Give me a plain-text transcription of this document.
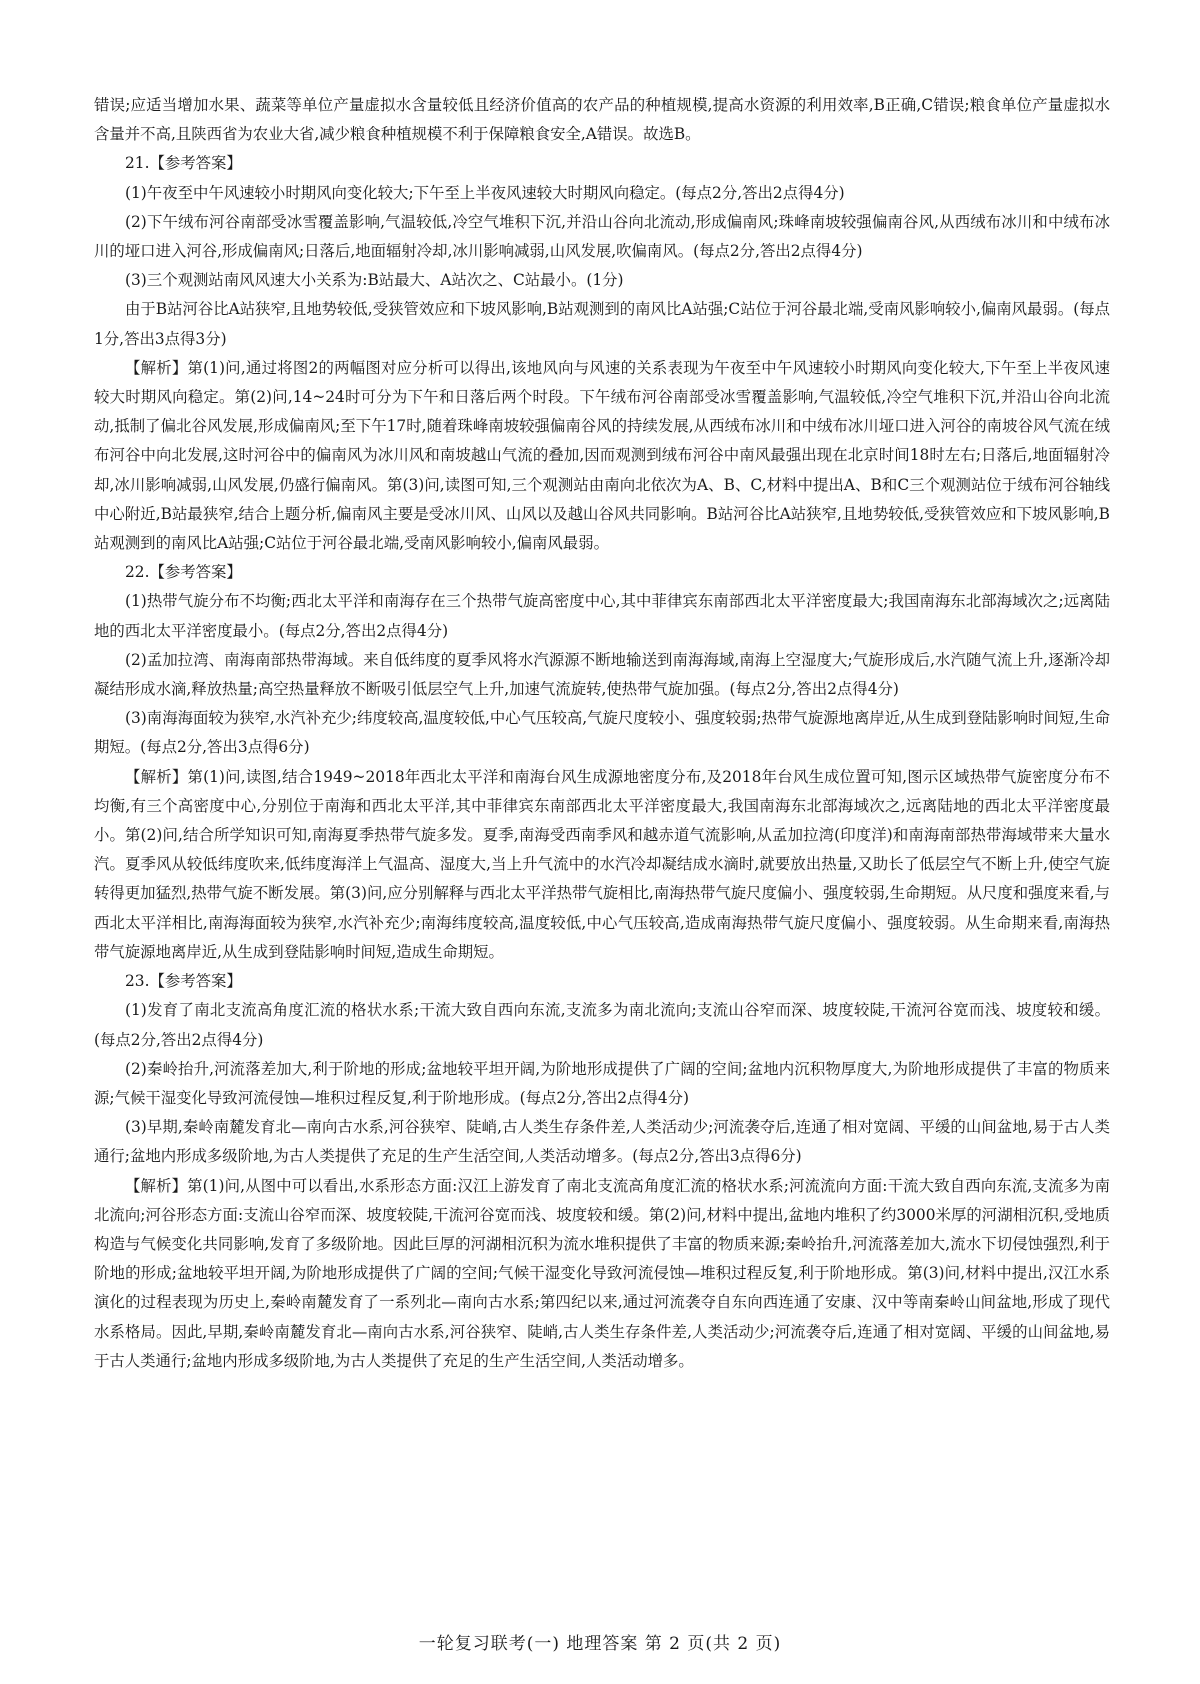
错误;应适当增加水果、蔬菜等单位产量虚拟水含量较低且经济价值高的农产品的种植规模,提高水资源的利用效率,B正确,C错误;粮食单位产量虚拟水含量并不高,且陕西省为农业大省,减少粮食种植规模不利于保障粮食安全,A错误。故选B。

21.【参考答案】

(1)午夜至中午风速较小时期风向变化较大;下午至上半夜风速较大时期风向稳定。(每点2分,答出2点得4分)

(2)下午绒布河谷南部受冰雪覆盖影响,气温较低,冷空气堆积下沉,并沿山谷向北流动,形成偏南风;珠峰南坡较强偏南谷风,从西绒布冰川和中绒布冰川的垭口进入河谷,形成偏南风;日落后,地面辐射冷却,冰川影响减弱,山风发展,吹偏南风。(每点2分,答出2点得4分)

(3)三个观测站南风风速大小关系为:B站最大、A站次之、C站最小。(1分)

由于B站河谷比A站狭窄,且地势较低,受狭管效应和下坡风影响,B站观测到的南风比A站强;C站位于河谷最北端,受南风影响较小,偏南风最弱。(每点1分,答出3点得3分)

【解析】第(1)问,通过将图2的两幅图对应分析可以得出,该地风向与风速的关系表现为午夜至中午风速较小时期风向变化较大,下午至上半夜风速较大时期风向稳定。第(2)问,14~24时可分为下午和日落后两个时段。下午绒布河谷南部受冰雪覆盖影响,气温较低,冷空气堆积下沉,并沿山谷向北流动,抵制了偏北谷风发展,形成偏南风;至下午17时,随着珠峰南坡较强偏南谷风的持续发展,从西绒布冰川和中绒布冰川垭口进入河谷的南坡谷风气流在绒布河谷中向北发展,这时河谷中的偏南风为冰川风和南坡越山气流的叠加,因而观测到绒布河谷中南风最强出现在北京时间18时左右;日落后,地面辐射冷却,冰川影响减弱,山风发展,仍盛行偏南风。第(3)问,读图可知,三个观测站由南向北依次为A、B、C,材料中提出A、B和C三个观测站位于绒布河谷轴线中心附近,B站最狭窄,结合上题分析,偏南风主要是受冰川风、山风以及越山谷风共同影响。B站河谷比A站狭窄,且地势较低,受狭管效应和下坡风影响,B站观测到的南风比A站强;C站位于河谷最北端,受南风影响较小,偏南风最弱。

22.【参考答案】

(1)热带气旋分布不均衡;西北太平洋和南海存在三个热带气旋高密度中心,其中菲律宾东南部西北太平洋密度最大;我国南海东北部海域次之;远离陆地的西北太平洋密度最小。(每点2分,答出2点得4分)

(2)孟加拉湾、南海南部热带海域。来自低纬度的夏季风将水汽源源不断地输送到南海海域,南海上空湿度大;气旋形成后,水汽随气流上升,逐渐冷却凝结形成水滴,释放热量;高空热量释放不断吸引低层空气上升,加速气流旋转,使热带气旋加强。(每点2分,答出2点得4分)

(3)南海海面较为狭窄,水汽补充少;纬度较高,温度较低,中心气压较高,气旋尺度较小、强度较弱;热带气旋源地离岸近,从生成到登陆影响时间短,生命期短。(每点2分,答出3点得6分)

【解析】第(1)问,读图,结合1949~2018年西北太平洋和南海台风生成源地密度分布,及2018年台风生成位置可知,图示区域热带气旋密度分布不均衡,有三个高密度中心,分别位于南海和西北太平洋,其中菲律宾东南部西北太平洋密度最大,我国南海东北部海域次之,远离陆地的西北太平洋密度最小。第(2)问,结合所学知识可知,南海夏季热带气旋多发。夏季,南海受西南季风和越赤道气流影响,从孟加拉湾(印度洋)和南海南部热带海域带来大量水汽。夏季风从较低纬度吹来,低纬度海洋上气温高、湿度大,当上升气流中的水汽冷却凝结成水滴时,就要放出热量,又助长了低层空气不断上升,使空气旋转得更加猛烈,热带气旋不断发展。第(3)问,应分别解释与西北太平洋热带气旋相比,南海热带气旋尺度偏小、强度较弱,生命期短。从尺度和强度来看,与西北太平洋相比,南海海面较为狭窄,水汽补充少;南海纬度较高,温度较低,中心气压较高,造成南海热带气旋尺度偏小、强度较弱。从生命期来看,南海热带气旋源地离岸近,从生成到登陆影响时间短,造成生命期短。

23.【参考答案】

(1)发育了南北支流高角度汇流的格状水系;干流大致自西向东流,支流多为南北流向;支流山谷窄而深、坡度较陡,干流河谷宽而浅、坡度较和缓。(每点2分,答出2点得4分)

(2)秦岭抬升,河流落差加大,利于阶地的形成;盆地较平坦开阔,为阶地形成提供了广阔的空间;盆地内沉积物厚度大,为阶地形成提供了丰富的物质来源;气候干湿变化导致河流侵蚀—堆积过程反复,利于阶地形成。(每点2分,答出2点得4分)

(3)早期,秦岭南麓发育北—南向古水系,河谷狭窄、陡峭,古人类生存条件差,人类活动少;河流袭夺后,连通了相对宽阔、平缓的山间盆地,易于古人类通行;盆地内形成多级阶地,为古人类提供了充足的生产生活空间,人类活动增多。(每点2分,答出3点得6分)

【解析】第(1)问,从图中可以看出,水系形态方面:汉江上游发育了南北支流高角度汇流的格状水系;河流流向方面:干流大致自西向东流,支流多为南北流向;河谷形态方面:支流山谷窄而深、坡度较陡,干流河谷宽而浅、坡度较和缓。第(2)问,材料中提出,盆地内堆积了约3000米厚的河湖相沉积,受地质构造与气候变化共同影响,发育了多级阶地。因此巨厚的河湖相沉积为流水堆积提供了丰富的物质来源;秦岭抬升,河流落差加大,流水下切侵蚀强烈,利于阶地的形成;盆地较平坦开阔,为阶地形成提供了广阔的空间;气候干湿变化导致河流侵蚀—堆积过程反复,利于阶地形成。第(3)问,材料中提出,汉江水系演化的过程表现为历史上,秦岭南麓发育了一系列北—南向古水系;第四纪以来,通过河流袭夺自东向西连通了安康、汉中等南秦岭山间盆地,形成了现代水系格局。因此,早期,秦岭南麓发育北—南向古水系,河谷狭窄、陡峭,古人类生存条件差,人类活动少;河流袭夺后,连通了相对宽阔、平缓的山间盆地,易于古人类通行;盆地内形成多级阶地,为古人类提供了充足的生产生活空间,人类活动增多。

一轮复习联考(一) 地理答案 第 2 页(共 2 页)
